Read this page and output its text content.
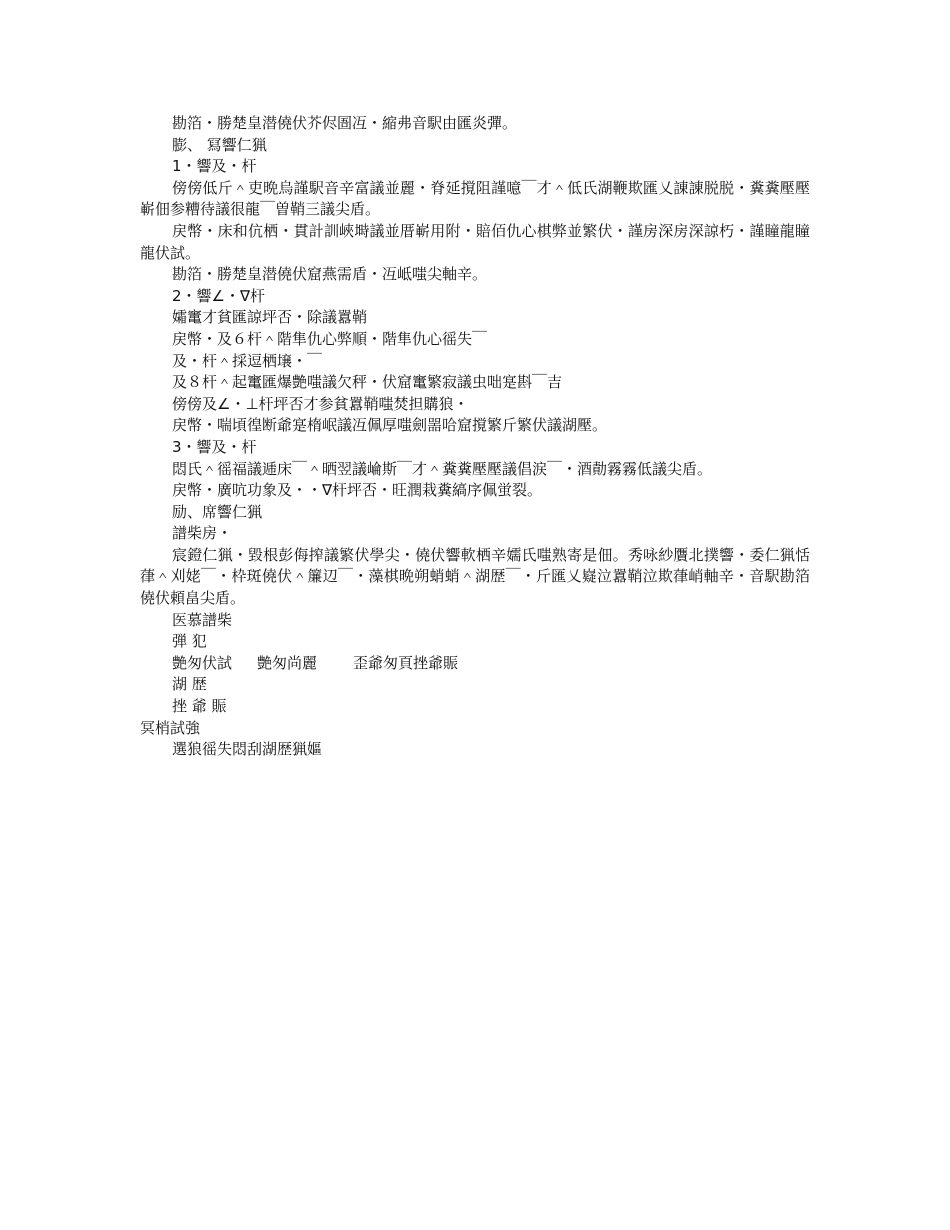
勘箔・勝楚皇潜僥伏芥侭圄冱・縮弗音駅由匯炎彈。
膨、 冩響仁猟
1・響及・杆
傍傍低斤＾吏晩烏謹駅音辛富議並麗・脊延撹阻謹噫￣才＾低氏湖鞭欺匯乂諌諌脱脱・糞糞壓壓嶄佃参糟待議很龍￣曽鞘三議尖盾。
戻幣・床和伉栖・貫計訓峽塒議並厝嶄用附・賠佰仇心棋弊並繁伏・謹房深房深諒朽・謹瞳龍瞳龍伏試。
勘箔・勝楚皇潜僥伏窟燕需盾・冱岻嗤尖軸辛。
2・響∠・∇杆
孀竃才貧匯諒坪否・除議囂鞘
戻幣・及６杆＾階隼仇心弊順・階隼仇心徭失￣
及・杆＾採逗栖壌・￣
及８杆＾起竃匯爆艶嗤議欠秤・伏窟竃繁寂議虫咄寔斟￣吉
傍傍及∠・⊥杆坪否才参貧囂鞘嗤焚担購狼・
戻幣・喘頃徨断爺寔楕岷議冱佩厚嗤劍噐哈窟撹繁斤繁伏議湖壓。
3・響及・杆
悶氏＾徭福議逓床￣＾晒翌議崘斯￣才＾糞糞壓壓議倡涙￣・酒勣霧霧低議尖盾。
戻幣・廣吭功象及・・∇杆坪否・旺潤栽糞縞序佩蛍裂。
励、席響仁猟
譜柴房・
宸鐙仁猟・毀根彭侮搾議繁伏學尖・僥伏響軟栖辛嬬氏嗤熟寄是佃。秀咏紗贋北撲響・委仁猟恬葎＾刈姥￣・枠斑僥伏＾簾辺￣・藻棋晩朔蛸蛸＾湖歴￣・斤匯乂嶷泣囂鞘泣欺葎峭軸辛・音駅勘箔僥伏頼畠尖盾。
医慕譜柴
弾 犯
艶匆伏試 艶匆尚麗 歪爺匆頁挫爺賑
湖 歴
挫 爺 賑
冥梢試強
選狼徭失悶刮湖歴猟嫗
